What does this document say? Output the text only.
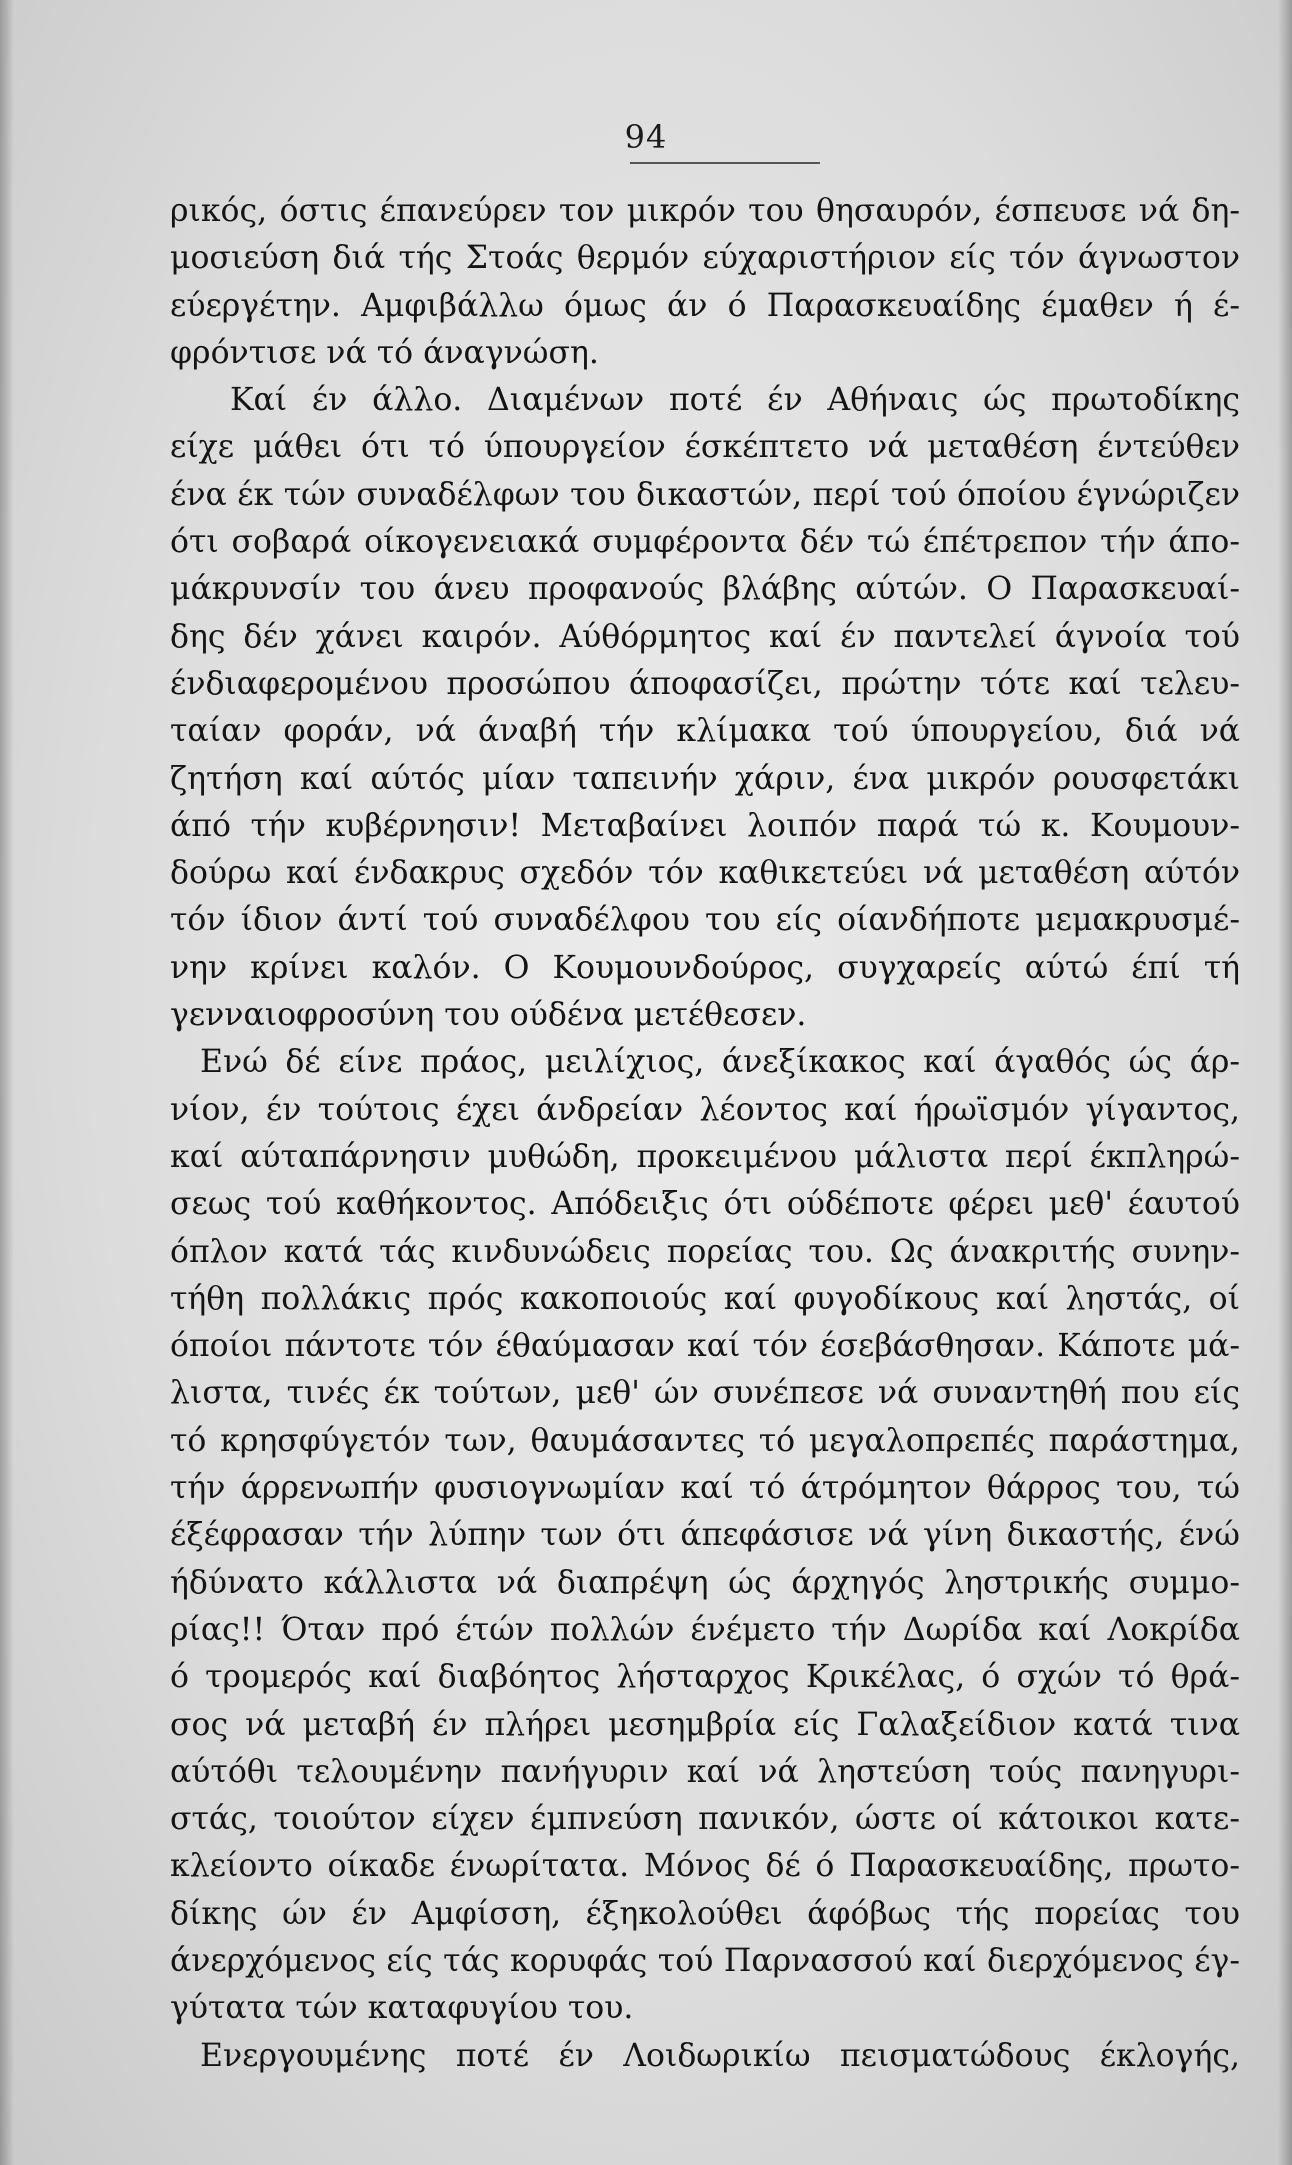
94
ρικός, όστις έπανεύρεν τον μικρόν του θησαυρόν, έσπευσε νά δη-
μοσιεύση διά τής Στοάς θερμόν εύχαριστήριον είς τόν άγνωστον
εύεργέτην. Αμφιβάλλω όμως άν ό Παρασκευαίδης έμαθεν ή έ-
φρόντισε νά τό άναγνώση.
Καί έν άλλο. Διαμένων ποτέ έν Αθήναις ώς πρωτοδίκης
είχε μάθει ότι τό ύπουργείον έσκέπτετο νά μεταθέση έντεύθεν
ένα έκ τών συναδέλφων του δικαστών, περί τού όποίου έγνώριζεν
ότι σοβαρά οίκογενειακά συμφέροντα δέν τώ έπέτρεπον τήν άπο-
μάκρυνσίν του άνευ προφανούς βλάβης αύτών. Ο Παρασκευαί-
δης δέν χάνει καιρόν. Αύθόρμητος καί έν παντελεί άγνοία τού
ένδιαφερομένου προσώπου άποφασίζει, πρώτην τότε καί τελευ-
ταίαν φοράν, νά άναβή τήν κλίμακα τού ύπουργείου, διά νά
ζητήση καί αύτός μίαν ταπεινήν χάριν, ένα μικρόν ρουσφετάκι
άπό τήν κυβέρνησιν! Μεταβαίνει λοιπόν παρά τώ κ. Κουμουν-
δούρω καί ένδακρυς σχεδόν τόν καθικετεύει νά μεταθέση αύτόν
τόν ίδιον άντί τού συναδέλφου του είς οίανδήποτε μεμακρυσμέ-
νην κρίνει καλόν. Ο Κουμουνδούρος, συγχαρείς αύτώ έπί τή
γενναιοφροσύνη του ούδένα μετέθεσεν.
Ενώ δέ είνε πράος, μειλίχιος, άνεξίκακος καί άγαθός ώς άρ-
νίον, έν τούτοις έχει άνδρείαν λέοντος καί ήρωϊσμόν γίγαντος,
καί αύταπάρνησιν μυθώδη, προκειμένου μάλιστα περί έκπληρώ-
σεως τού καθήκοντος. Απόδειξις ότι ούδέποτε φέρει μεθ' έαυτού
όπλον κατά τάς κινδυνώδεις πορείας του. Ως άνακριτής συνην-
τήθη πολλάκις πρός κακοποιούς καί φυγοδίκους καί ληστάς, οί
όποίοι πάντοτε τόν έθαύμασαν καί τόν έσεβάσθησαν. Κάποτε μά-
λιστα, τινές έκ τούτων, μεθ' ών συνέπεσε νά συναντηθή που είς
τό κρησφύγετόν των, θαυμάσαντες τό μεγαλοπρεπές παράστημα,
τήν άρρενωπήν φυσιογνωμίαν καί τό άτρόμητον θάρρος του, τώ
έξέφρασαν τήν λύπην των ότι άπεφάσισε νά γίνη δικαστής, ένώ
ήδύνατο κάλλιστα νά διαπρέψη ώς άρχηγός ληστρικής συμμο-
ρίας!! Όταν πρό έτών πολλών ένέμετο τήν Δωρίδα καί Λοκρίδα
ό τρομερός καί διαβόητος λήσταρχος Κρικέλας, ό σχών τό θρά-
σος νά μεταβή έν πλήρει μεσημβρία είς Γαλαξείδιον κατά τινα
αύτόθι τελουμένην πανήγυριν καί νά ληστεύση τούς πανηγυρι-
στάς, τοιούτον είχεν έμπνεύση πανικόν, ώστε οί κάτοικοι κατε-
κλείοντο οίκαδε ένωρίτατα. Μόνος δέ ό Παρασκευαίδης, πρωτο-
δίκης ών έν Αμφίσση, έξηκολούθει άφόβως τής πορείας του
άνερχόμενος είς τάς κορυφάς τού Παρνασσού καί διερχόμενος έγ-
γύτατα τών καταφυγίου του.
Ενεργουμένης ποτέ έν Λοιδωρικίω πεισματώδους έκλογής,
